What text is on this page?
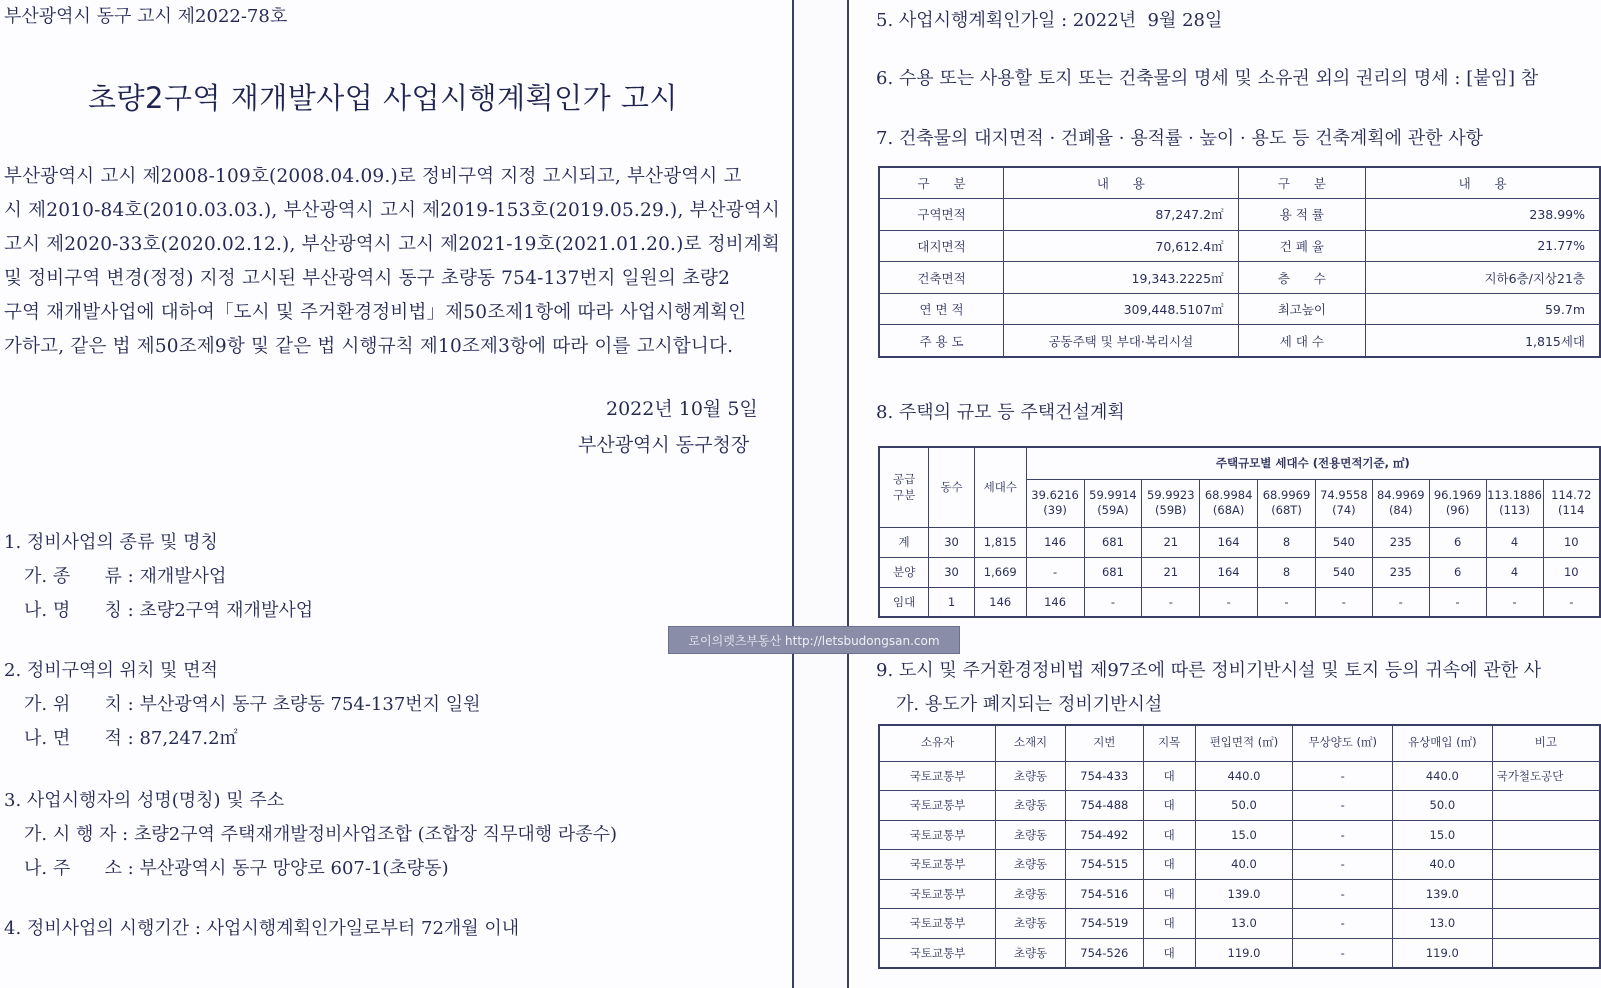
부산광역시 동구 고시 제2022-78호
초량2구역 재개발사업 사업시행계획인가 고시
부산광역시 고시 제2008-109호(2008.04.09.)로 정비구역 지정 고시되고, 부산광역시 고
시 제2010-84호(2010.03.03.), 부산광역시 고시 제2019-153호(2019.05.29.), 부산광역시
고시 제2020-33호(2020.02.12.), 부산광역시 고시 제2021-19호(2021.01.20.)로 정비계획
및 정비구역 변경(정정) 지정 고시된 부산광역시 동구 초량동 754-137번지 일원의 초량2
구역 재개발사업에 대하여「도시 및 주거환경정비법」제50조제1항에 따라 사업시행계획인
가하고, 같은 법 제50조제9항 및 같은 법 시행규칙 제10조제3항에 따라 이를 고시합니다.
2022년 10월 5일
부산광역시 동구청장
1. 정비사업의 종류 및 명칭
가. 종      류 : 재개발사업
나. 명      칭 : 초량2구역 재개발사업
2. 정비구역의 위치 및 면적
가. 위      치 : 부산광역시 동구 초량동 754-137번지 일원
나. 면      적 : 87,247.2㎡
3. 사업시행자의 성명(명칭) 및 주소
가. 시 행 자 : 초량2구역 주택재개발정비사업조합 (조합장 직무대행 라종수)
나. 주      소 : 부산광역시 동구 망양로 607-1(초량동)
4. 정비사업의 시행기간 : 사업시행계획인가일로부터 72개월 이내
5. 사업시행계획인가일 : 2022년  9월 28일
6. 수용 또는 사용할 토지 또는 건축물의 명세 및 소유권 외의 권리의 명세 : [붙임] 참
7. 건축물의 대지면적 · 건폐율 · 용적률 · 높이 · 용도 등 건축계획에 관한 사항
구      분	내      용	구      분	내      용
구역면적	87,247.2㎡	용 적 률	238.99%
대지면적	70,612.4㎡	건 폐 율	21.77%
건축면적	19,343.2225㎡	층      수	지하6층/지상21층
연 면 적	309,448.5107㎡	최고높이	59.7m
주 용 도	공동주택 및 부대·복리시설	세 대 수	1,815세대
8. 주택의 규모 등 주택건설계획
공급구분	동수	세대수	주택규모별 세대수 (전용면적기준, ㎡)									
			39.6216 (39)	59.9914 (59A)	59.9923 (59B)	68.9984 (68A)	68.9969 (68T)	74.9558 (74)	84.9969 (84)	96.1969 (96)	113.1886 (113)	114.72 (114
계	30	1,815	146	681	21	164	8	540	235	6	4	10
분양	30	1,669	-	681	21	164	8	540	235	6	4	10
임대	1	146	146	-	-	-	-	-	-	-	-	-
9. 도시 및 주거환경정비법 제97조에 따른 정비기반시설 및 토지 등의 귀속에 관한 사
가. 용도가 폐지되는 정비기반시설
소유자	소재지	지번	지목	편입면적 (㎡)	무상양도 (㎡)	유상매입 (㎡)	비고
국토교통부	초량동	754-433	대	440.0	-	440.0	국가철도공단
국토교통부	초량동	754-488	대	50.0	-	50.0	
국토교통부	초량동	754-492	대	15.0	-	15.0	
국토교통부	초량동	754-515	대	40.0	-	40.0	
국토교통부	초량동	754-516	대	139.0	-	139.0	
국토교통부	초량동	754-519	대	13.0	-	13.0	
국토교통부	초량동	754-526	대	119.0	-	119.0	
로이의렛츠부동산 http://letsbudongsan.com
